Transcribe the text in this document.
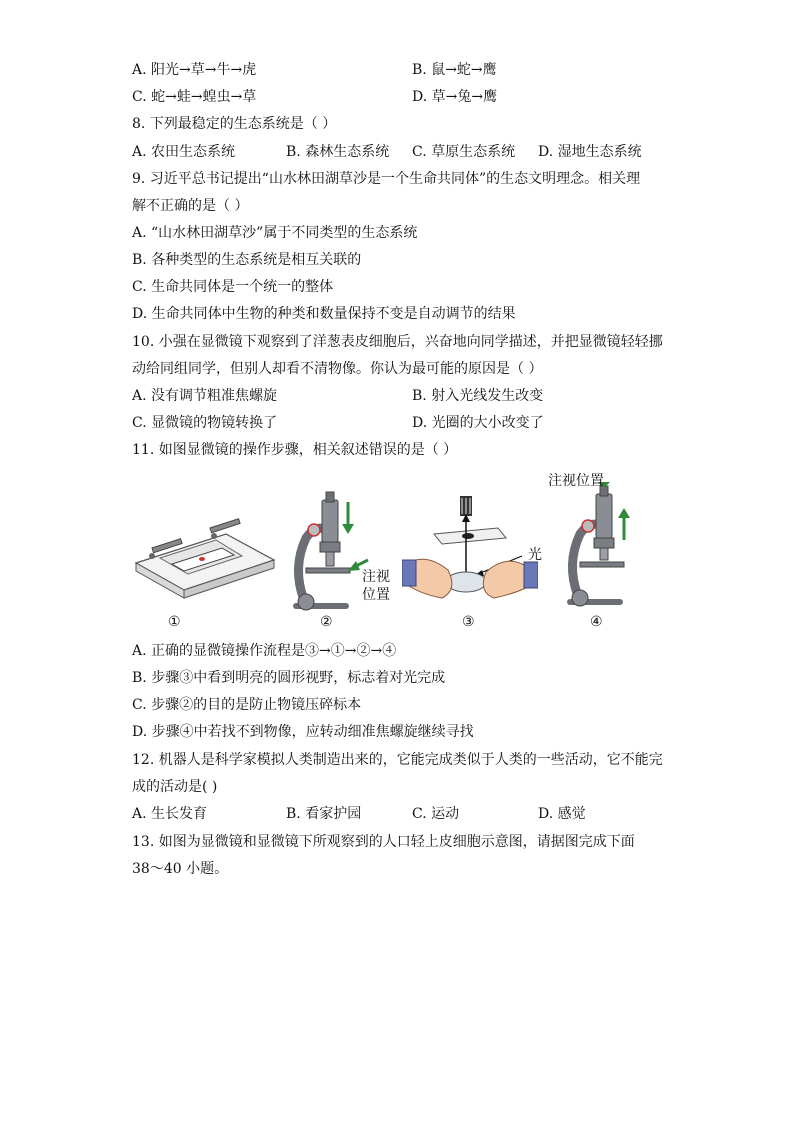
A. 阳光→草→牛→虎	B. 鼠→蛇→鹰
C. 蛇→蛙→蝗虫→草	D. 草→兔→鹰
8. 下列最稳定的生态系统是（ ）
A. 农田生态系统	B. 森林生态系统 C. 草原生态系统 D. 湿地生态系统
9. 习近平总书记提出“山水林田湖草沙是一个生命共同体”的生态文明理念。相关理
解不正确的是（ ）
A. “山水林田湖草沙”属于不同类型的生态系统
B. 各种类型的生态系统是相互关联的
C. 生命共同体是一个统一的整体
D. 生命共同体中生物的种类和数量保持不变是自动调节的结果
10. 小强在显微镜下观察到了洋葱表皮细胞后，兴奋地向同学描述，并把显微镜轻轻挪
动给同组同学，但别人却看不清物像。你认为最可能的原因是（ ）
A. 没有调节粗准焦螺旋	B. 射入光线发生改变
C. 显微镜的物镜转换了	D. 光圈的大小改变了
11. 如图显微镜的操作步骤，相关叙述错误的是（ ）
①
注视
位置
②
光
③
注视位置
④
A. 正确的显微镜操作流程是③→①→②→④
B. 步骤③中看到明亮的圆形视野，标志着对光完成
C. 步骤②的目的是防止物镜压碎标本
D. 步骤④中若找不到物像，应转动细准焦螺旋继续寻找
12. 机器人是科学家模拟人类制造出来的，它能完成类似于人类的一些活动，它不能完
成的活动是( )
A. 生长发育	B. 看家护园	C. 运动	D. 感觉
13. 如图为显微镜和显微镜下所观察到的人口轻上皮细胞示意图，请据图完成下面
38～40 小题。
